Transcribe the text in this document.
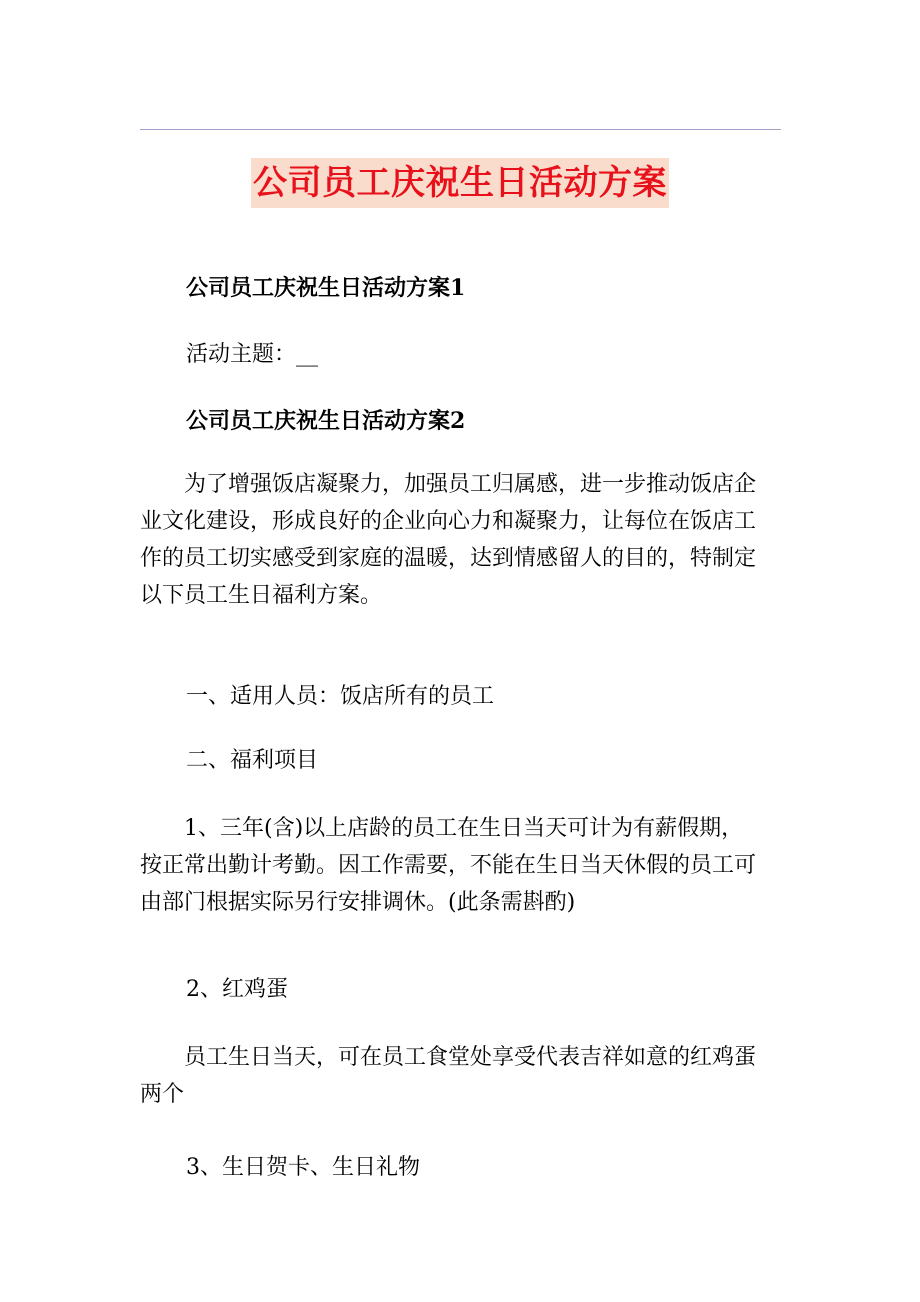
公司员工庆祝生日活动方案
公司员工庆祝生日活动方案1
活动主题：__
公司员工庆祝生日活动方案2
为了增强饭店凝聚力，加强员工归属感，进一步推动饭店企
业文化建设，形成良好的企业向心力和凝聚力，让每位在饭店工
作的员工切实感受到家庭的温暖，达到情感留人的目的，特制定
以下员工生日福利方案。
一、适用人员：饭店所有的员工
二、福利项目
1、三年(含)以上店龄的员工在生日当天可计为有薪假期，
按正常出勤计考勤。因工作需要，不能在生日当天休假的员工可
由部门根据实际另行安排调休。(此条需斟酌)
2、红鸡蛋
员工生日当天，可在员工食堂处享受代表吉祥如意的红鸡蛋
两个
3、生日贺卡、生日礼物
